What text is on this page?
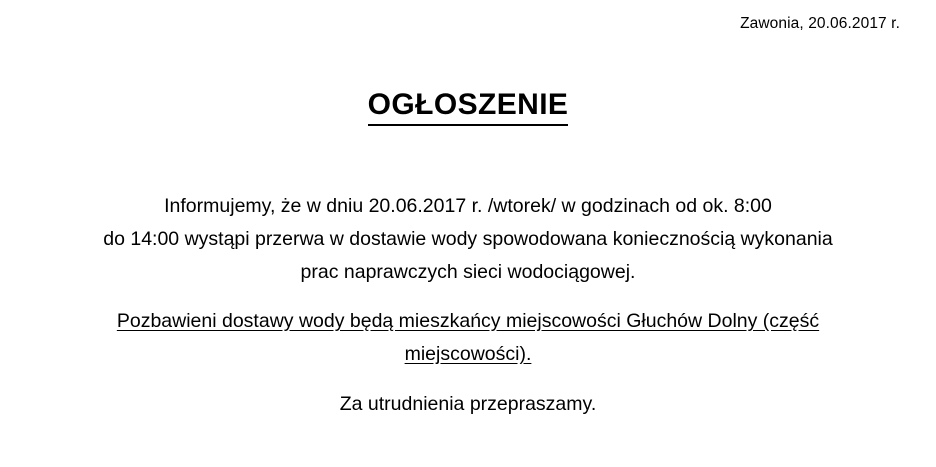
Zawonia, 20.06.2017 r.
OGŁOSZENIE

Informujemy, że w dniu 20.06.2017 r. /wtorek/ w godzinach od ok. 8:00
do 14:00 wystąpi przerwa w dostawie wody spowodowana koniecznością wykonania
prac naprawczych sieci wodociągowej.

Pozbawieni dostawy wody będą mieszkańcy miejscowości Głuchów Dolny (część
miejscowości).

Za utrudnienia przepraszamy.
